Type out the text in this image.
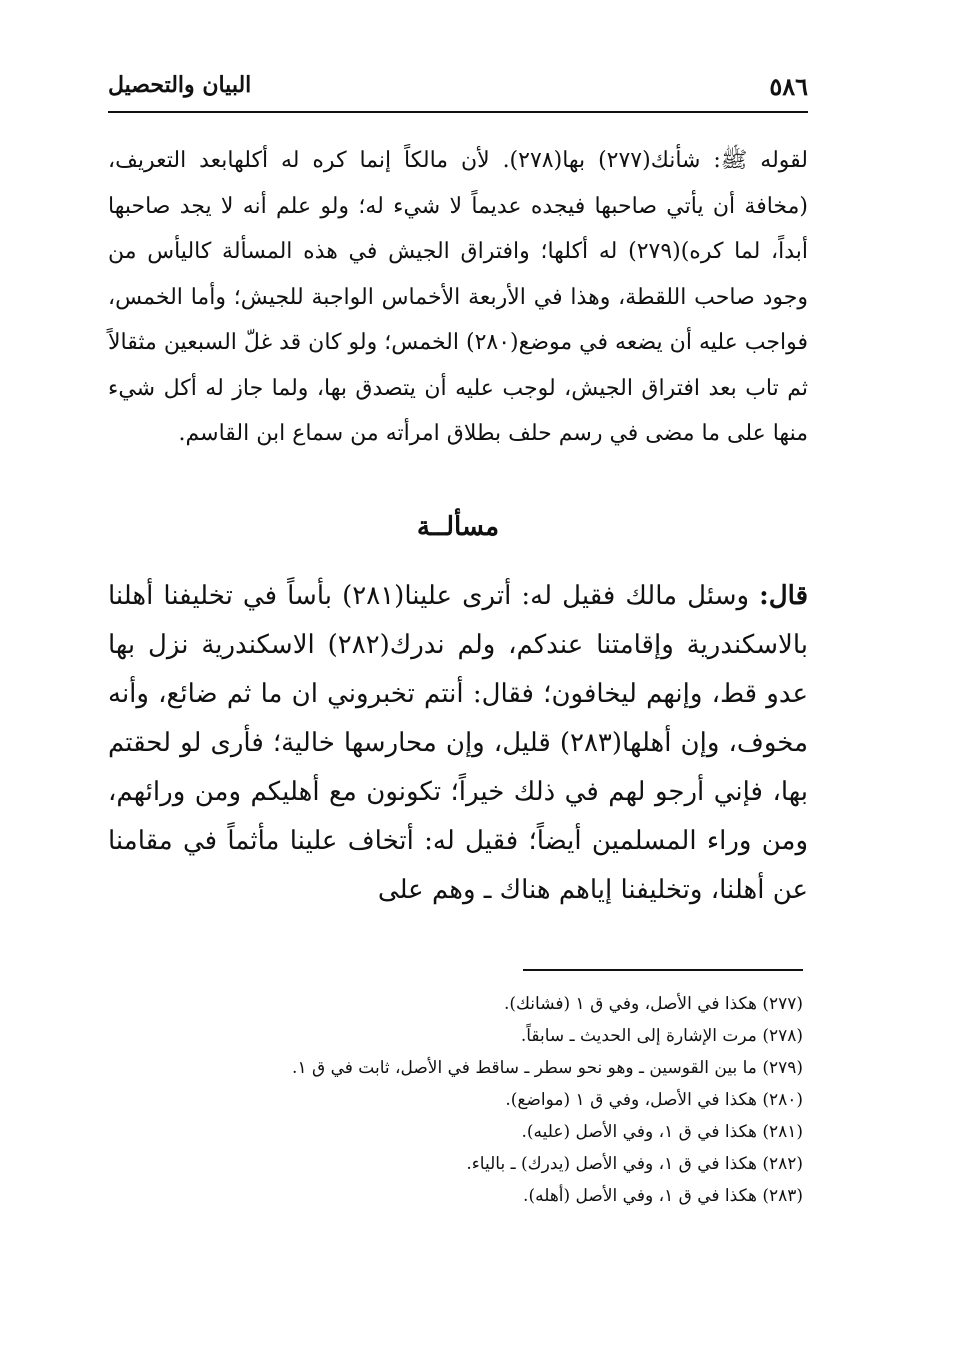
٥٨٦
البيان والتحصيل
لقوله ﷺ: شأنك(٢٧٧) بها(٢٧٨). لأن مالكاً إنما كره له أكلهابعد التعريف، (مخافة أن يأتي صاحبها فيجده عديماً لا شيء له؛ ولو علم أنه لا يجد صاحبها أبداً، لما كره)(٢٧٩) له أكلها؛ وافتراق الجيش في هذه المسألة كاليأس من وجود صاحب اللقطة، وهذا في الأربعة الأخماس الواجبة للجيش؛ وأما الخمس، فواجب عليه أن يضعه في موضع(٢٨٠) الخمس؛ ولو كان قد غلّ السبعين مثقالاً ثم تاب بعد افتراق الجيش، لوجب عليه أن يتصدق بها، ولما جاز له أكل شيء منها على ما مضى في رسم حلف بطلاق امرأته من سماع ابن القاسم.
مسألــة
قال: وسئل مالك فقيل له: أترى علينا(٢٨١) بأساً في تخليفنا أهلنا بالاسكندرية وإقامتنا عندكم، ولم ندرك(٢٨٢) الاسكندرية نزل بها عدو قط، وإنهم ليخافون؛ فقال: أنتم تخبروني ان ما ثم ضائع، وأنه مخوف، وإن أهلها(٢٨٣) قليل، وإن محارسها خالية؛ فأرى لو لحقتم بها، فإني أرجو لهم في ذلك خيراً؛ تكونون مع أهليكم ومن ورائهم، ومن وراء المسلمين أيضاً؛ فقيل له: أتخاف علينا مأثماً في مقامنا عن أهلنا، وتخليفنا إياهم هناك ـ وهم على
(٢٧٧) هكذا في الأصل، وفي ق ١ (فشانك).
(٢٧٨) مرت الإشارة إلى الحديث ـ سابقاً.
(٢٧٩) ما بين القوسين ـ وهو نحو سطر ـ ساقط في الأصل، ثابت في ق ١.
(٢٨٠) هكذا في الأصل، وفي ق ١ (مواضع).
(٢٨١) هكذا في ق ١، وفي الأصل (عليه).
(٢٨٢) هكذا في ق ١، وفي الأصل (يدرك) ـ بالياء.
(٢٨٣) هكذا في ق ١، وفي الأصل (أهله).
